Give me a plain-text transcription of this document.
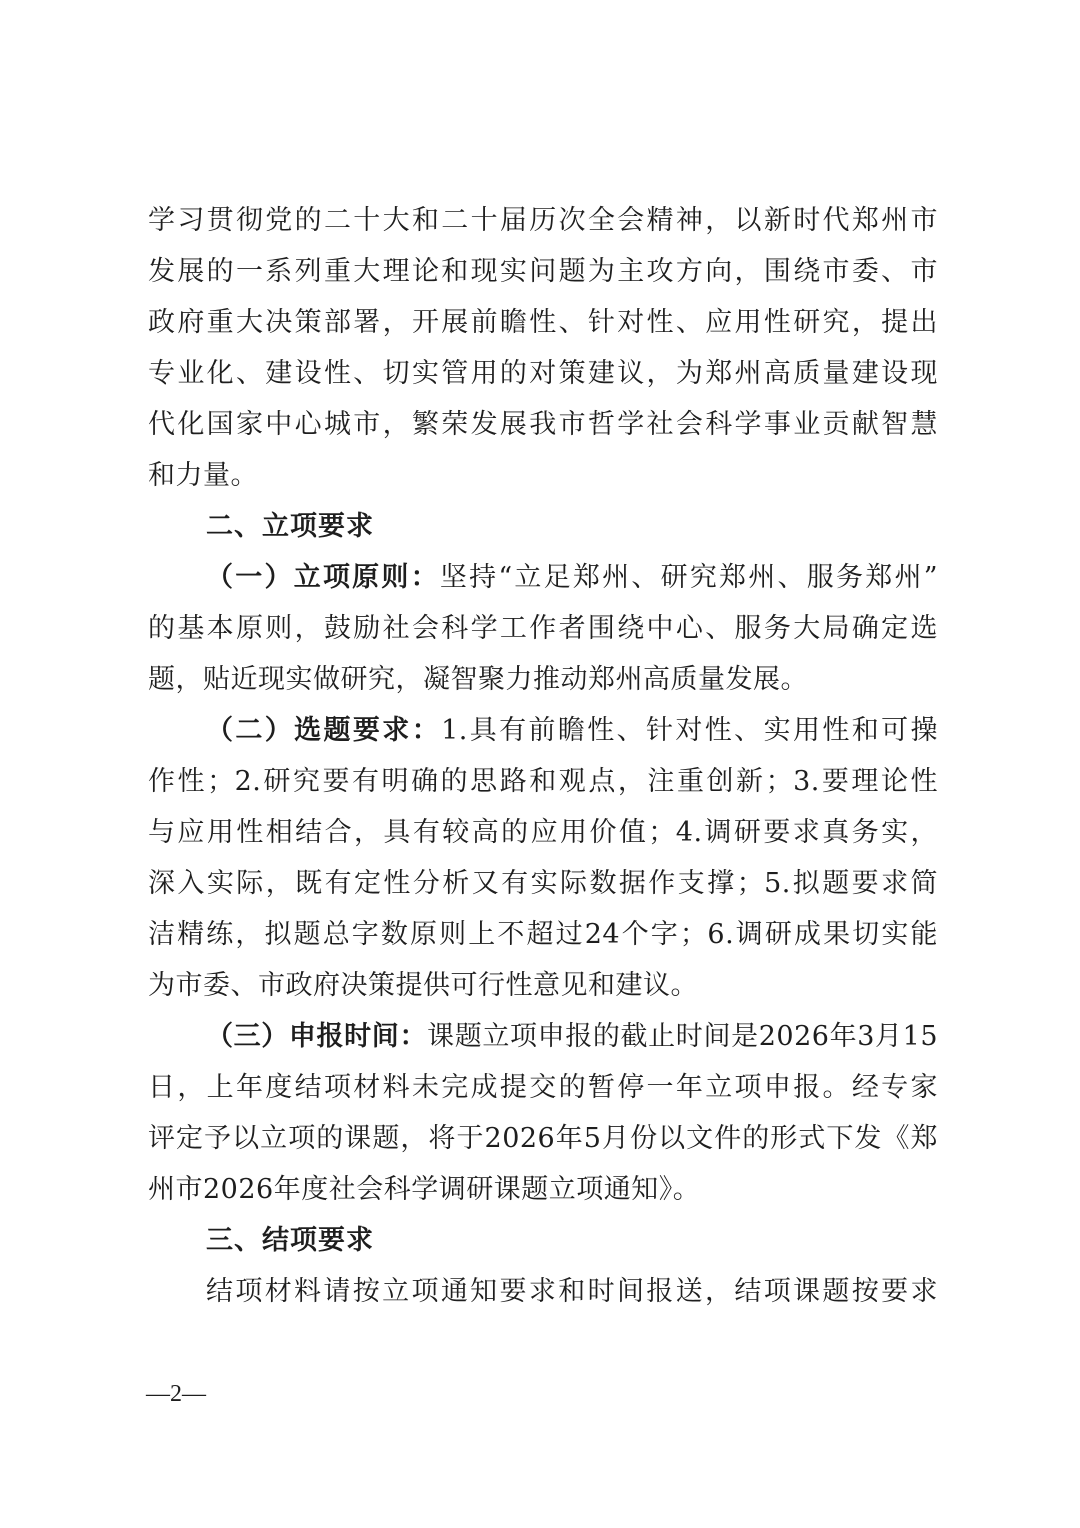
学习贯彻党的二十大和二十届历次全会精神，以新时代郑州市
发展的一系列重大理论和现实问题为主攻方向，围绕市委、市
政府重大决策部署，开展前瞻性、针对性、应用性研究，提出
专业化、建设性、切实管用的对策建议，为郑州高质量建设现
代化国家中心城市，繁荣发展我市哲学社会科学事业贡献智慧
和力量。
二、立项要求
（一）立项原则：坚持“立足郑州、研究郑州、服务郑州”
的基本原则，鼓励社会科学工作者围绕中心、服务大局确定选
题，贴近现实做研究，凝智聚力推动郑州高质量发展。
（二）选题要求：1.具有前瞻性、针对性、实用性和可操
作性；2.研究要有明确的思路和观点，注重创新；3.要理论性
与应用性相结合，具有较高的应用价值；4.调研要求真务实，
深入实际，既有定性分析又有实际数据作支撑；5.拟题要求简
洁精练，拟题总字数原则上不超过24个字；6.调研成果切实能
为市委、市政府决策提供可行性意见和建议。
（三）申报时间：课题立项申报的截止时间是2026年3月15
日，上年度结项材料未完成提交的暂停一年立项申报。经专家
评定予以立项的课题，将于2026年5月份以文件的形式下发《郑
州市2026年度社会科学调研课题立项通知》。
三、结项要求
结项材料请按立项通知要求和时间报送，结项课题按要求
—2—
